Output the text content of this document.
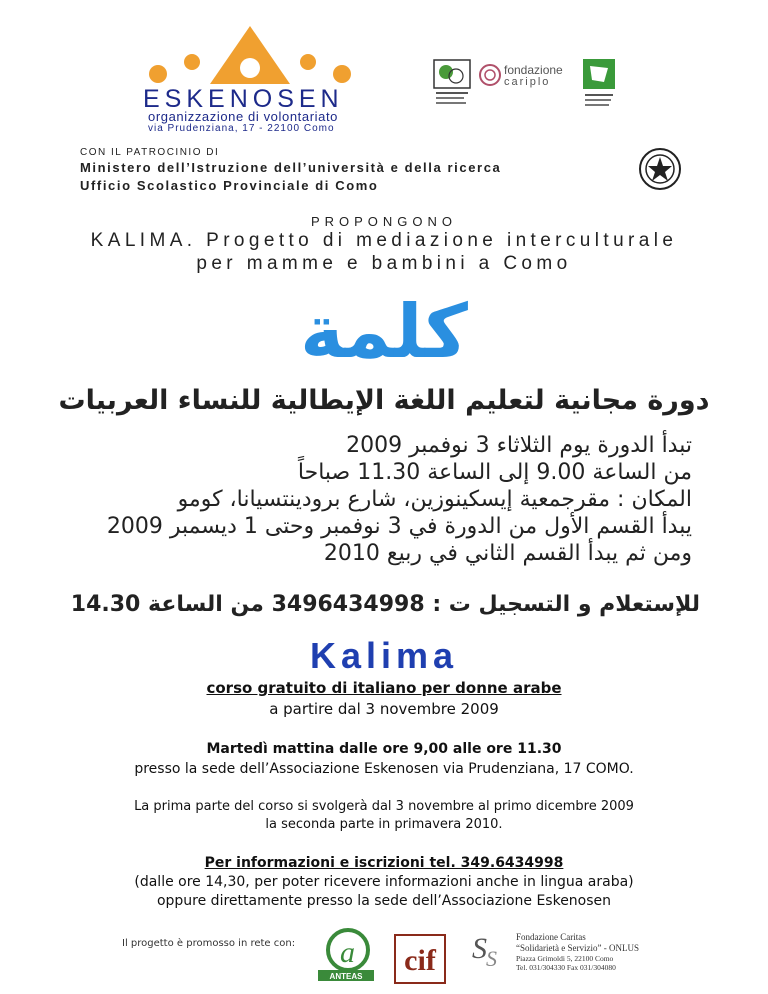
ESKENOSEN
organizzazione di volontariato
via Prudenziana, 17 - 22100 Como
fondazione
cariplo
CON IL PATROCINIO DI
Ministero dell’Istruzione dell’università e della ricerca
Ufficio Scolastico Provinciale di Como
PROPONGONO
KALIMA. Progetto di mediazione interculturale
per mamme e bambini a Como
كلمة
دورة مجانية لتعليم اللغة الإيطالية للنساء العربيات
تبدأ الدورة يوم الثلاثاء 3 نوفمبر 2009
من الساعة 9.00 إلى الساعة 11.30 صباحاً
المكان : مقرجمعية إيسكينوزين، شارع برودينتسيانا، كومو
يبدأ القسم الأول من الدورة في 3 نوفمبر وحتى 1 ديسمبر 2009
ومن ثم يبدأ القسم الثاني في ربيع 2010
للإستعلام و التسجيل ت : 3496434998 من الساعة 14.30
Kalima
corso gratuito di italiano per donne arabe
a partire dal 3 novembre 2009
Martedì mattina dalle ore 9,00 alle ore 11.30
presso la sede dell’Associazione Eskenosen via Prudenziana, 17 COMO.
La prima parte del corso si svolgerà dal 3 novembre al primo dicembre 2009
la seconda parte in primavera 2010.
Per informazioni e iscrizioni tel. 349.6434998
(dalle ore 14,30, per poter ricevere informazioni anche in lingua araba)
oppure direttamente presso la sede dell’Associazione Eskenosen
Il progetto è promosso in rete con: a
ANTEAS cif S S
Fondazione Caritas
“Solidarietà e Servizio” - ONLUS
Piazza Grimoldi 5, 22100 Como
Tel. 031/304330 Fax 031/304080
